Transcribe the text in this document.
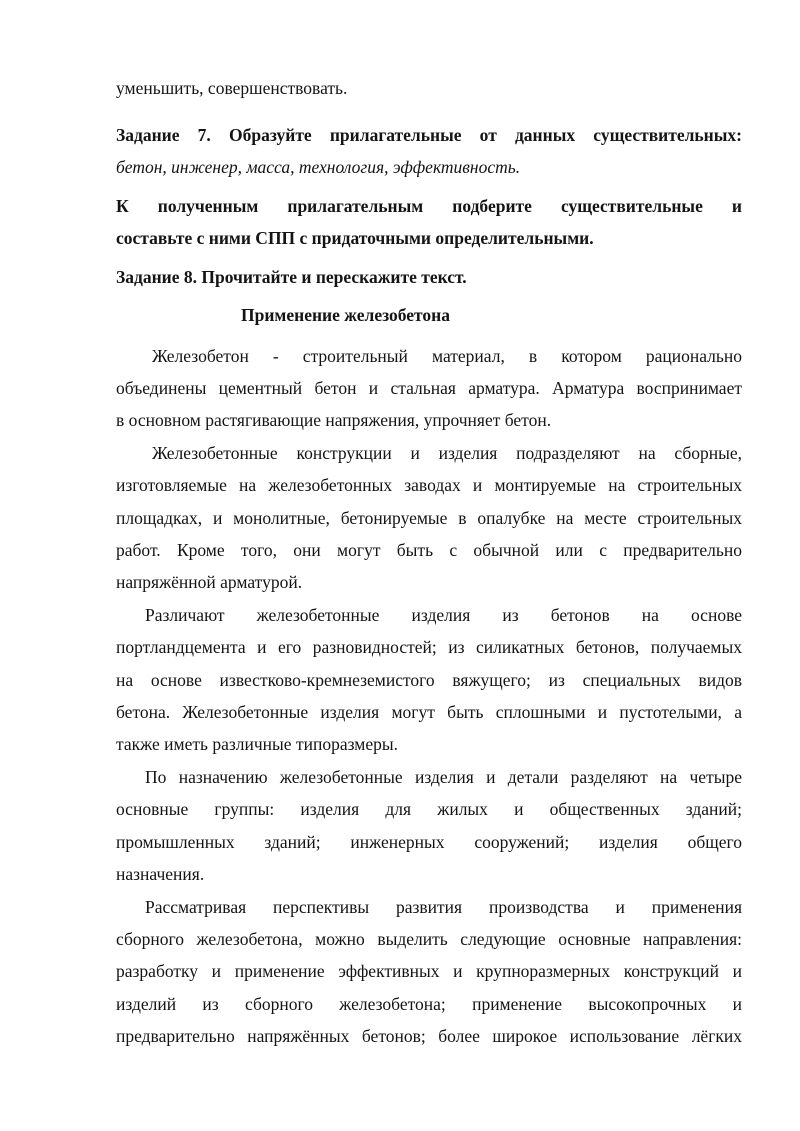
уменьшить, совершенствовать.
Задание 7. Образуйте прилагательные от данных существительных:
бетон, инженер, масса, технология, эффективность.
К полученным прилагательным подберите существительные и
составьте с ними СПП с придаточными определительными.
Задание 8. Прочитайте и перескажите текст.
Применение железобетона
Железобетон - строительный материал, в котором рационально
объединены цементный бетон и стальная арматура. Арматура воспринимает
в основном растягивающие напряжения, упрочняет бетон.
Железобетонные конструкции и изделия подразделяют на сборные,
изготовляемые на железобетонных заводах и монтируемые на строительных
площадках, и монолитные, бетонируемые в опалубке на месте строительных
работ. Кроме того, они могут быть с обычной или с предварительно
напряжённой арматурой.
Различают железобетонные изделия из бетонов на основе
портландцемента и его разновидностей; из силикатных бетонов, получаемых
на основе известково-кремнеземистого вяжущего; из специальных видов
бетона. Железобетонные изделия могут быть сплошными и пустотелыми, а
также иметь различные типоразмеры.
По назначению железобетонные изделия и детали разделяют на четыре
основные группы: изделия для жилых и общественных зданий;
промышленных зданий; инженерных сооружений; изделия общего
назначения.
Рассматривая перспективы развития производства и применения
сборного железобетона, можно выделить следующие основные направления:
разработку и применение эффективных и крупноразмерных конструкций и
изделий из сборного железобетона; применение высокопрочных и
предварительно напряжённых бетонов; более широкое использование лёгких
